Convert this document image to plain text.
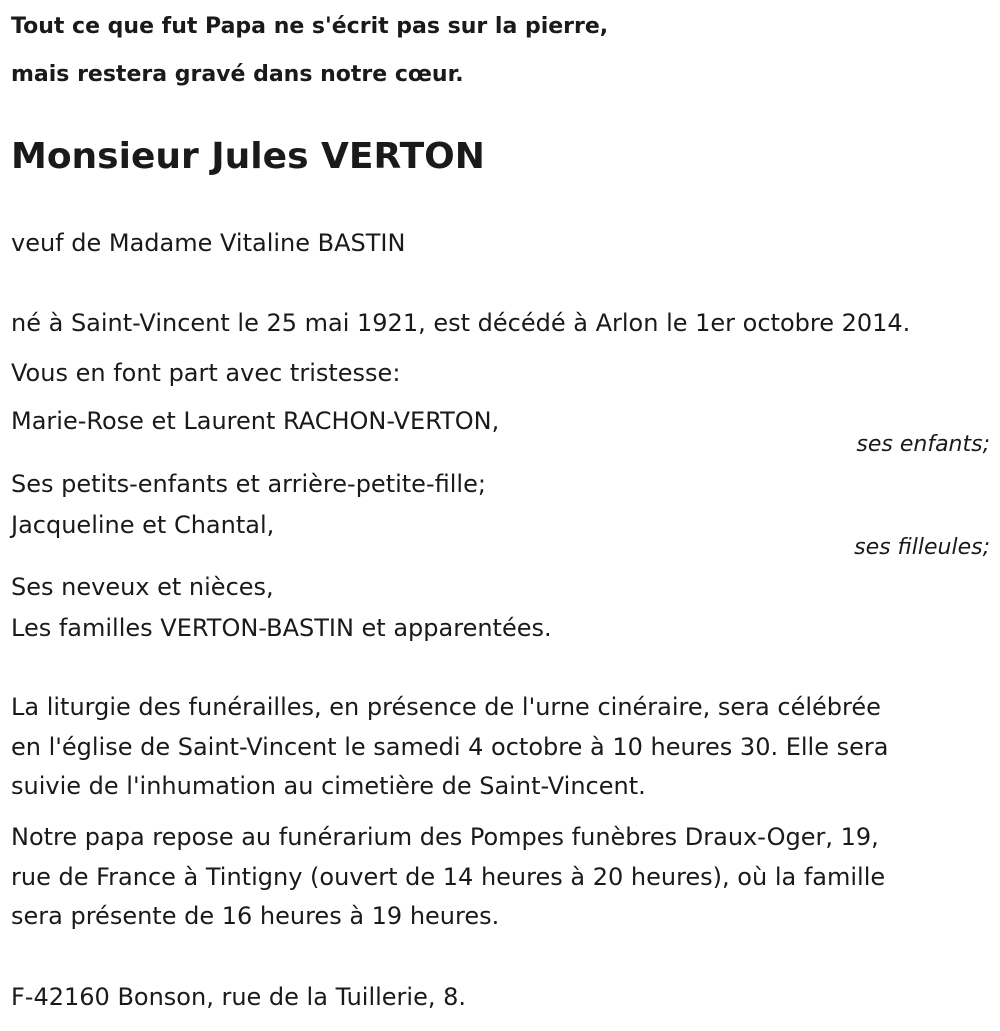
Tout ce que fut Papa ne s'écrit pas sur la pierre,
mais restera gravé dans notre cœur.
Monsieur Jules VERTON
veuf de Madame Vitaline BASTIN
né à Saint-Vincent le 25 mai 1921, est décédé à Arlon le 1er octobre 2014.
Vous en font part avec tristesse:
Marie-Rose et Laurent RACHON-VERTON,
ses enfants;
Ses petits-enfants et arrière-petite-fille;
Jacqueline et Chantal,
ses filleules;
Ses neveux et nièces,
Les familles VERTON-BASTIN et apparentées.
La liturgie des funérailles, en présence de l'urne cinéraire, sera célébrée
en l'église de Saint-Vincent le samedi 4 octobre à 10 heures 30. Elle sera
suivie de l'inhumation au cimetière de Saint-Vincent.
Notre papa repose au funérarium des Pompes funèbres Draux-Oger, 19,
rue de France à Tintigny (ouvert de 14 heures à 20 heures), où la famille
sera présente de 16 heures à 19 heures.
F-42160 Bonson, rue de la Tuillerie, 8.
